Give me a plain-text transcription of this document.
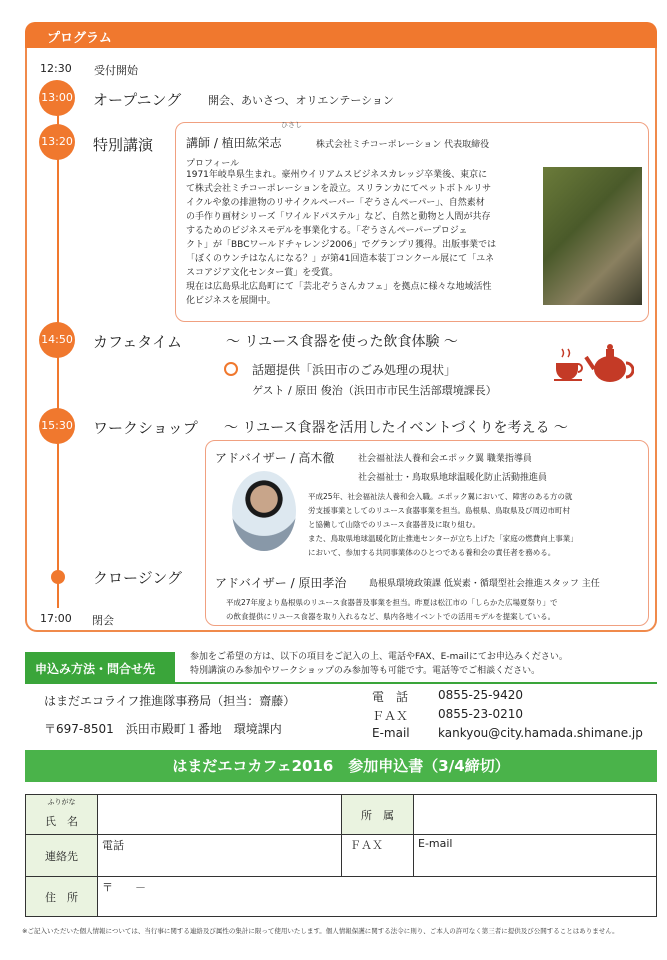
プログラム
12:30 受付開始
13:00 オープニング 開会、あいさつ、オリエンテーション
13:20 特別講演
ひさし
講師 / 植田紘栄志	株式会社ミチコーポレーション 代表取締役
プロフィール
1971年岐阜県生まれ。豪州ウイリアムスビジネスカレッジ卒業後、東京に
て株式会社ミチコーポレーションを設立。スリランカにてペットボトルリサ
イクルや象の排泄物のリサイクルペーパー「ぞうさんペーパー」、自然素材
の手作り画材シリーズ「ワイルドパステル」など、自然と動物と人間が共存
するためのビジネスモデルを事業化する。「ぞうさんペーパープロジェ
クト」が「BBCワールドチャレンジ2006」でグランプリ獲得。出版事業では
「ぼくのウンチはなんになる？」が第41回造本装丁コンクール展にて「ユネ
スコアジア文化センター賞」を受賞。
現在は広島県北広島町にて「芸北ぞうさんカフェ」を拠点に様々な地域活性
化ビジネスを展開中。
14:50 カフェタイム	～ リユース食器を使った飲食体験 ～
話題提供「浜田市のごみ処理の現状」
ゲスト / 原田 俊治（浜田市市民生活部環境課長）
15:30 ワークショップ ～ リユース食器を活用したイベントづくりを考える ～
アドバイザー / 高木徹	社会福祉法人養和会エポック翼 職業指導員
社会福祉士・鳥取県地球温暖化防止活動推進員
平成25年、社会福祉法人養和会入職。エポック翼において、障害のある方の就
労支援事業としてのリユース食器事業を担当。島根県、鳥取県及び周辺市町村
と協働して山陰でのリユース食器普及に取り組む。
また、鳥取県地球温暖化防止推進センターが立ち上げた「家庭の燃費向上事業」
において、参加する共同事業体のひとつである養和会の責任者を務める。
クロージング	アドバイザー / 原田孝治	島根県環境政策課 低炭素・循環型社会推進スタッフ 主任
平成27年度より島根県のリユース食器普及事業を担当。昨夏は松江市の「しらかた広場夏祭り」で
の飲食提供にリユース食器を取り入れるなど、県内各地イベントでの活用モデルを提案している。
17:00 閉会
申込み方法・問合せ先
参加をご希望の方は、以下の項目をご記入の上、電話やFAX、E-mailにてお申込みください。
特別講演のみ参加やワークショップのみ参加等も可能です。電話等でご相談ください。
はまだエコライフ推進隊事務局（担当：齋藤）
〒697-8501　浜田市殿町１番地　環境課内
電　話 0855-25-9420
ＦＡＸ 0855-23-0210
E-mail kankyou@city.hamada.shimane.jp
はまだエコカフェ2016　参加申込書（3/4締切）
ふりがな
氏　名		所　属	
連絡先	電話	ＦＡＸ	E-mail
住　所	〒　　－		
※ご記入いただいた個人情報については、当行事に関する連絡及び属性の集計に限って使用いたします。個人情報保護に関する法令に則り、ご本人の許可なく第三者に提供及び公開することはありません。
